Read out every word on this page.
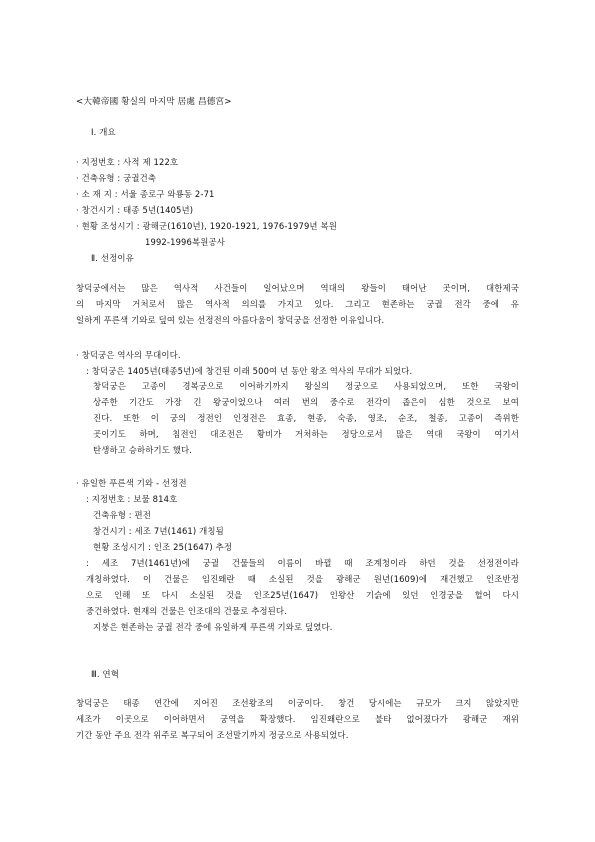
<大韓帝國 황실의 마지막 居處 昌德宮>
Ⅰ. 개요
· 지정번호 : 사적 제 122호
· 건축유형 : 궁궐건축
· 소 재 지 : 서울 종로구 와룡동 2-71
· 창건시기 : 태종 5년(1405년)
· 현황 조성시기 : 광해군(1610년), 1920-1921, 1976-1979년 복원
1992-1996복원공사
Ⅱ. 선정이유
창덕궁에서는 많은 역사적 사건들이 일어났으며 역대의 왕들이 태어난 곳이며, 대한제국
의 마지막 거처로서 많은 역사적 의의를 가지고 있다. 그리고 현존하는 궁궐 전각 중에 유
일하게 푸른색 기와로 덮여 있는 선정전의 아름다움이 창덕궁을 선정한 이유입니다.
· 창덕궁은 역사의 무대이다.
: 창덕궁은 1405년(태종5년)에 창건된 이래 500여 년 동안 왕조 역사의 무대가 되었다.
창덕궁은 고종이 경복궁으로 이어하기까지 왕실의 정궁으로 사용되었으며, 또한 국왕이
상주한 기간도 가장 긴 왕궁이었으나 여러 번의 중수로 전각이 좁은이 심한 것으로 보여
진다. 또한 이 궁의 정전인 인정전은 효종, 현종, 숙종, 영조, 순조, 철종, 고종이 즉위한
곳이기도 하며, 침전인 대조전은 황비가 거처하는 정당으로서 많은 역대 국왕이 여기서
탄생하고 승하하기도 했다.
· 유일한 푸른색 기와 - 선정전
: 지정번호 : 보물 814호
건축유형 : 편전
창건시기 : 세조 7년(1461) 개칭됨
현황 조성시기 : 인조 25(1647) 추정
: 세조 7년(1461년)에 궁궐 건물들의 이름이 바뀔 때 조계청이라 하던 것을 선정전이라
개칭하였다. 이 건물은 임진왜란 때 소실된 것을 광해군 원년(1609)에 재건했고 인조반정
으로 인해 또 다시 소실된 것을 인조25년(1647) 인왕산 기슭에 있던 인경궁을 헐어 다시
중건하였다. 현재의 건물은 인조대의 건물로 추정된다.
지붕은 현존하는 궁궐 전각 중에 유일하게 푸른색 기와로 덮였다.
Ⅲ. 연혁
창덕궁은 태종 연간에 지어진 조선왕조의 이궁이다. 창건 당시에는 규모가 크지 않았지만
세조가 이곳으로 이어하면서 궁역을 확장했다. 임진왜란으로 불타 없어졌다가 광해군 재위
기간 동안 주요 전각 위주로 복구되어 조선말기까지 정궁으로 사용되었다.
